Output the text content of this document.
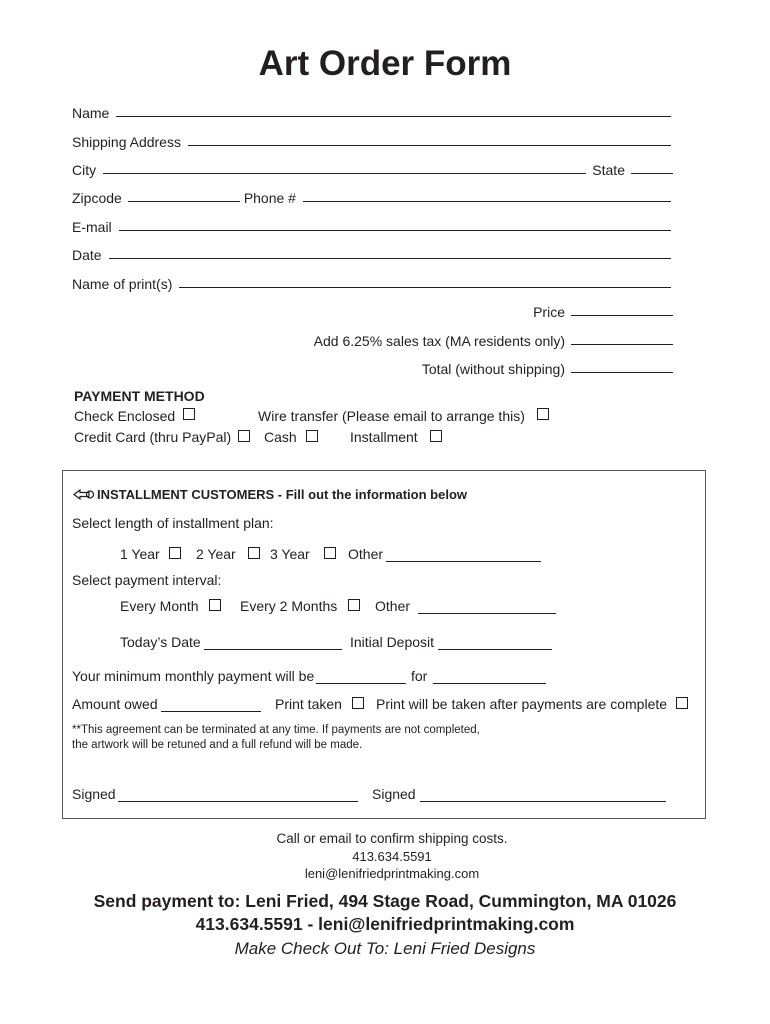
Art Order Form
Name
Shipping Address
City	State
Zipcode	Phone #
E-mail
Date
Name of print(s)
Price
Add 6.25% sales tax (MA residents only)
Total (without shipping)
PAYMENT METHOD
Check Enclosed	Wire transfer (Please email to arrange this)
Credit Card (thru PayPal) Cash	Installment
INSTALLMENT CUSTOMERS - Fill out the information below
Select length of installment plan:
1 Year	2 Year 3 Year	Other
Select payment interval:
Every Month	Every 2 Months	Other
Today’s Date	Initial Deposit
Your minimum monthly payment will be	for
Amount owed	Print taken Print will be taken after payments are complete
**This agreement can be terminated at any time. If payments are not completed,
the artwork will be retuned and a full refund will be made.
Signed	Signed
Call or email to confirm shipping costs.
413.634.5591
leni@lenifriedprintmaking.com
Send payment to: Leni Fried, 494 Stage Road, Cummington, MA 01026
413.634.5591 - leni@lenifriedprintmaking.com
Make Check Out To: Leni Fried Designs
